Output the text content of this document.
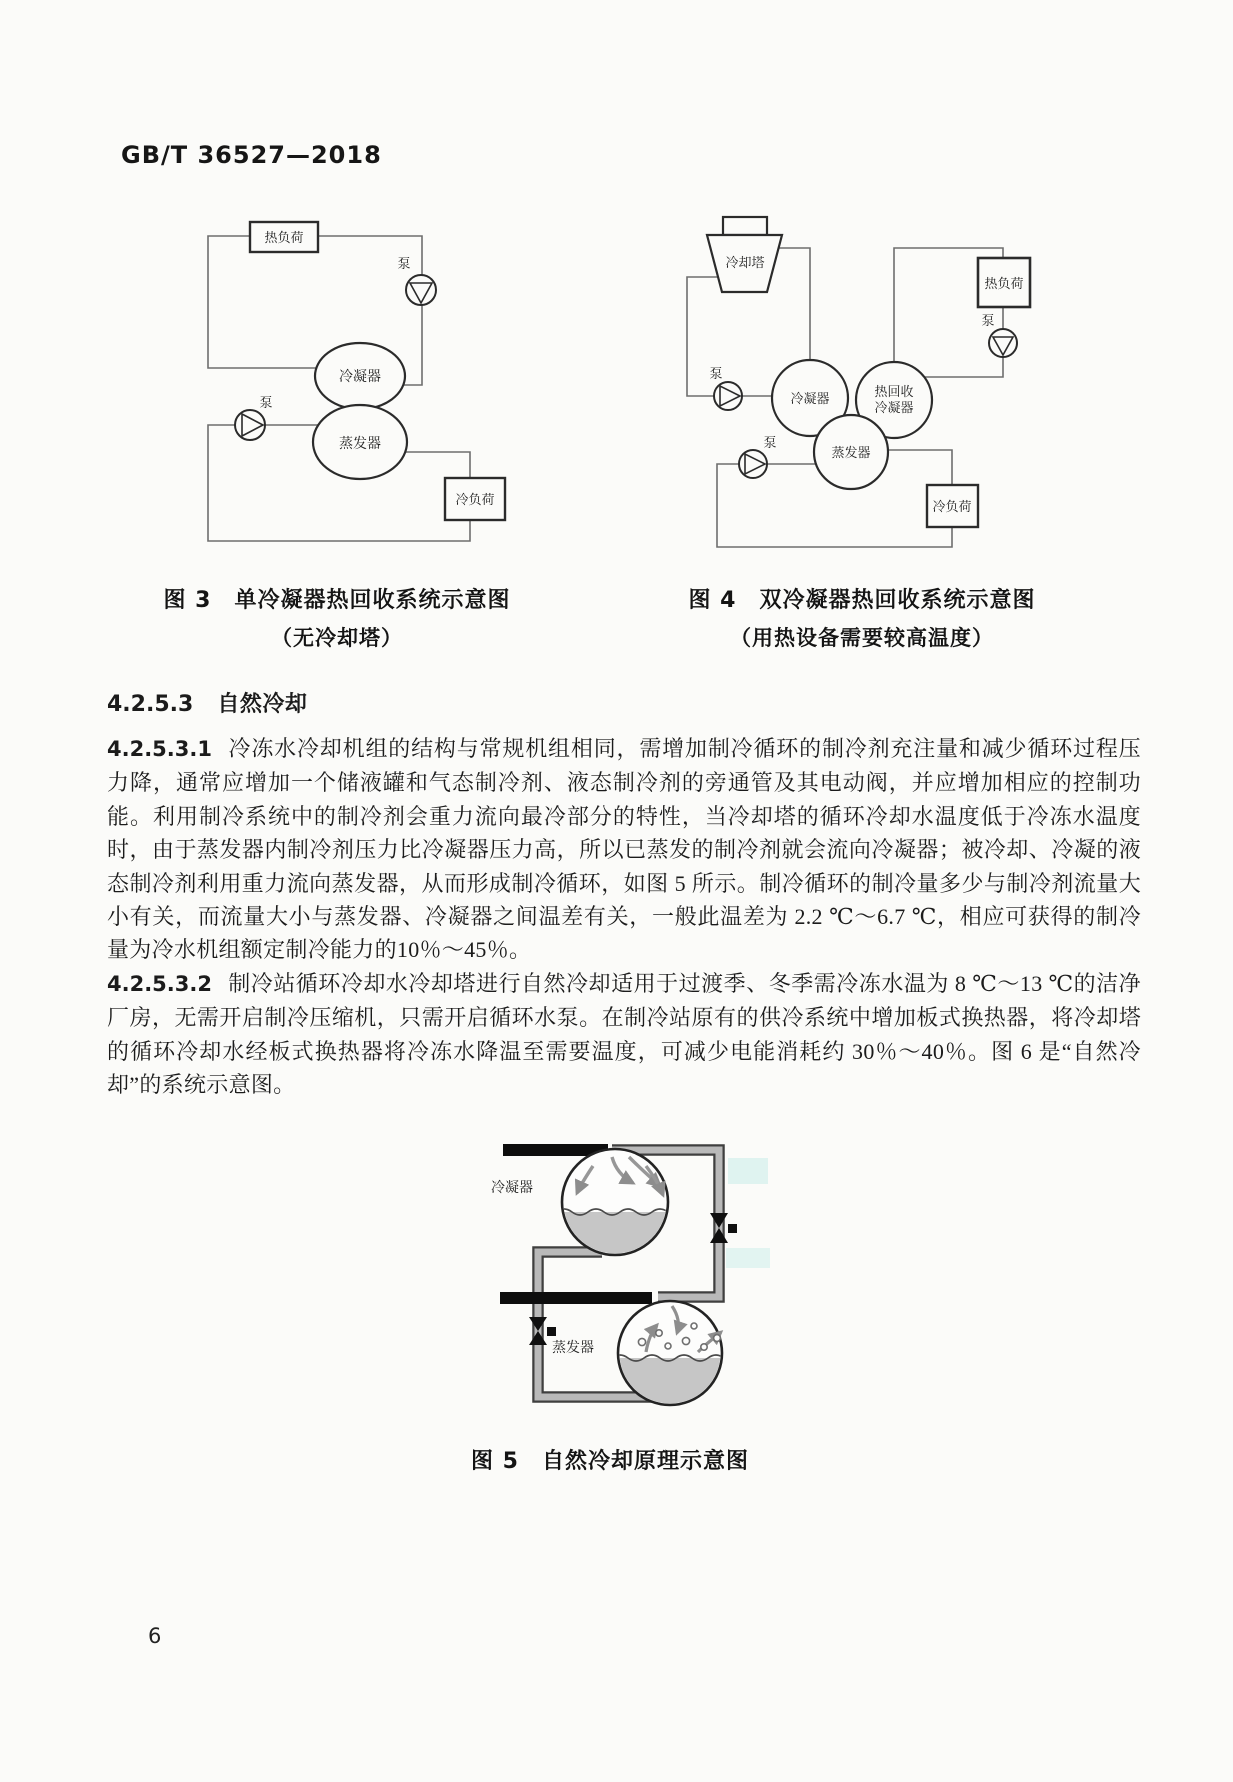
GB/T 36527—2018
热负荷
冷负荷
冷凝器
蒸发器
泵
泵
冷却塔
热负荷
冷负荷
冷凝器	热回收
冷凝器
蒸发器
泵
泵
泵
冷凝器
蒸发器
图 3　单冷凝器热回收系统示意图
（无冷却塔）
图 4　双冷凝器热回收系统示意图
（用热设备需要较高温度）
图 5　自然冷却原理示意图
4.2.5.3 自然冷却

4.2.5.3.1 冷冻水冷却机组的结构与常规机组相同，需增加制冷循环的制冷剂充注量和减少循环过程压力降，通常应增加一个储液罐和气态制冷剂、液态制冷剂的旁通管及其电动阀，并应增加相应的控制功能。利用制冷系统中的制冷剂会重力流向最冷部分的特性，当冷却塔的循环冷却水温度低于冷冻水温度时，由于蒸发器内制冷剂压力比冷凝器压力高，所以已蒸发的制冷剂就会流向冷凝器；被冷却、冷凝的液态制冷剂利用重力流向蒸发器，从而形成制冷循环，如图 5 所示。制冷循环的制冷量多少与制冷剂流量大小有关，而流量大小与蒸发器、冷凝器之间温差有关，一般此温差为 2.2 ℃～6.7 ℃，相应可获得的制冷量为冷水机组额定制冷能力的10％～45％。

4.2.5.3.2 制冷站循环冷却水冷却塔进行自然冷却适用于过渡季、冬季需冷冻水温为 8 ℃～13 ℃的洁净厂房，无需开启制冷压缩机，只需开启循环水泵。在制冷站原有的供冷系统中增加板式换热器，将冷却塔的循环冷却水经板式换热器将冷冻水降温至需要温度，可减少电能消耗约 30％～40％。图 6 是“自然冷却”的系统示意图。

6
